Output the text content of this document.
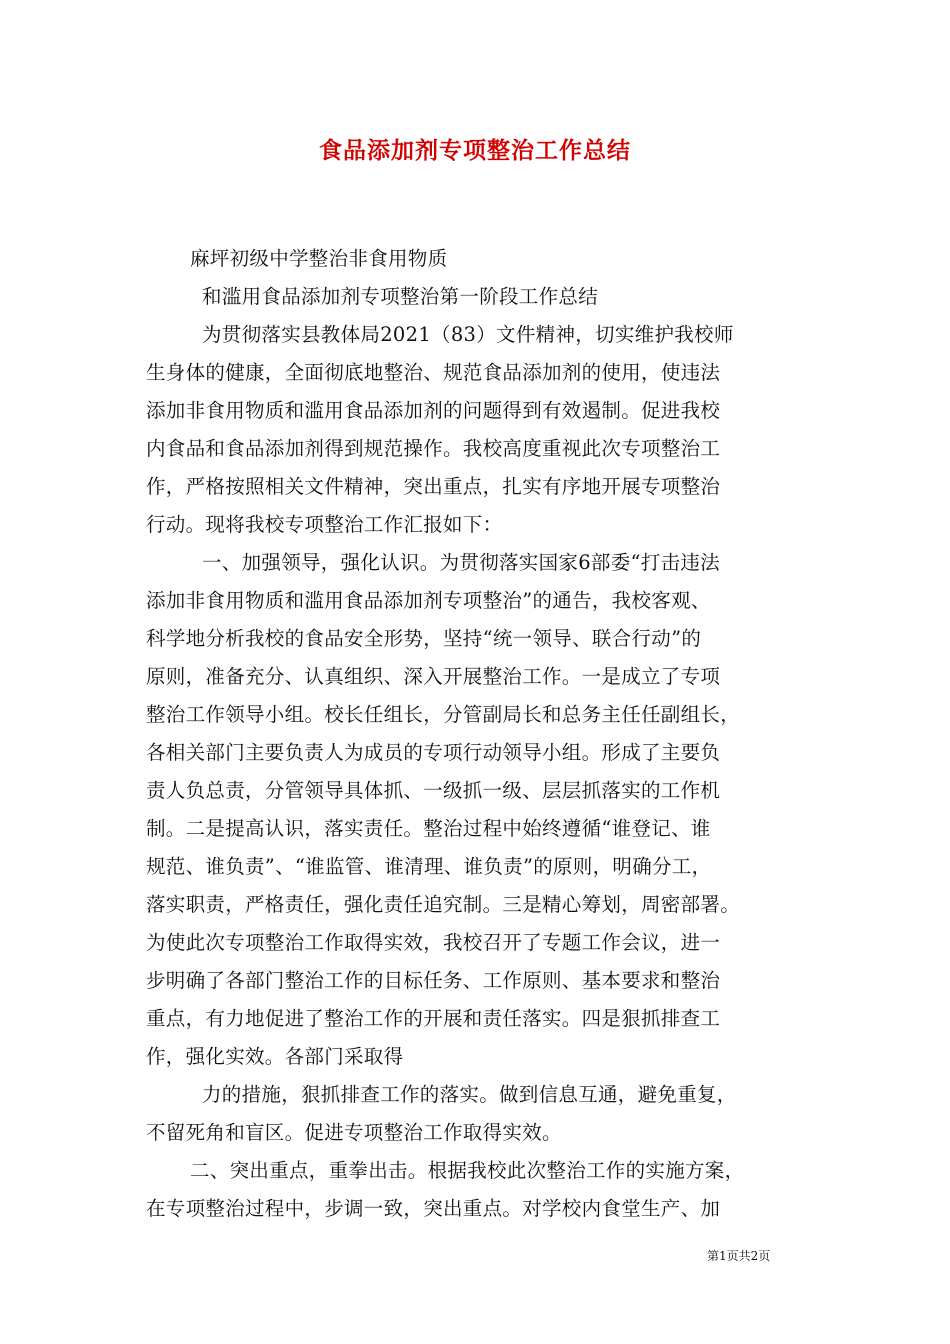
食品添加剂专项整治工作总结
麻坪初级中学整治非食用物质
和滥用食品添加剂专项整治第一阶段工作总结
为贯彻落实县教体局2021（83）文件精神，切实维护我校师
生身体的健康，全面彻底地整治、规范食品添加剂的使用，使违法
添加非食用物质和滥用食品添加剂的问题得到有效遏制。促进我校
内食品和食品添加剂得到规范操作。我校高度重视此次专项整治工
作，严格按照相关文件精神，突出重点，扎实有序地开展专项整治
行动。现将我校专项整治工作汇报如下：
一、加强领导，强化认识。为贯彻落实国家6部委“打击违法
添加非食用物质和滥用食品添加剂专项整治”的通告，我校客观、
科学地分析我校的食品安全形势，坚持“统一领导、联合行动”的
原则，准备充分、认真组织、深入开展整治工作。一是成立了专项
整治工作领导小组。校长任组长，分管副局长和总务主任任副组长，
各相关部门主要负责人为成员的专项行动领导小组。形成了主要负
责人负总责，分管领导具体抓、一级抓一级、层层抓落实的工作机
制。二是提高认识，落实责任。整治过程中始终遵循“谁登记、谁
规范、谁负责”、“谁监管、谁清理、谁负责”的原则，明确分工，
落实职责，严格责任，强化责任追究制。三是精心筹划，周密部署。
为使此次专项整治工作取得实效，我校召开了专题工作会议，进一
步明确了各部门整治工作的目标任务、工作原则、基本要求和整治
重点，有力地促进了整治工作的开展和责任落实。四是狠抓排查工
作，强化实效。各部门采取得
力的措施，狠抓排查工作的落实。做到信息互通，避免重复，
不留死角和盲区。促进专项整治工作取得实效。
二、突出重点，重拳出击。根据我校此次整治工作的实施方案，
在专项整治过程中，步调一致，突出重点。对学校内食堂生产、加
第1页共2页
